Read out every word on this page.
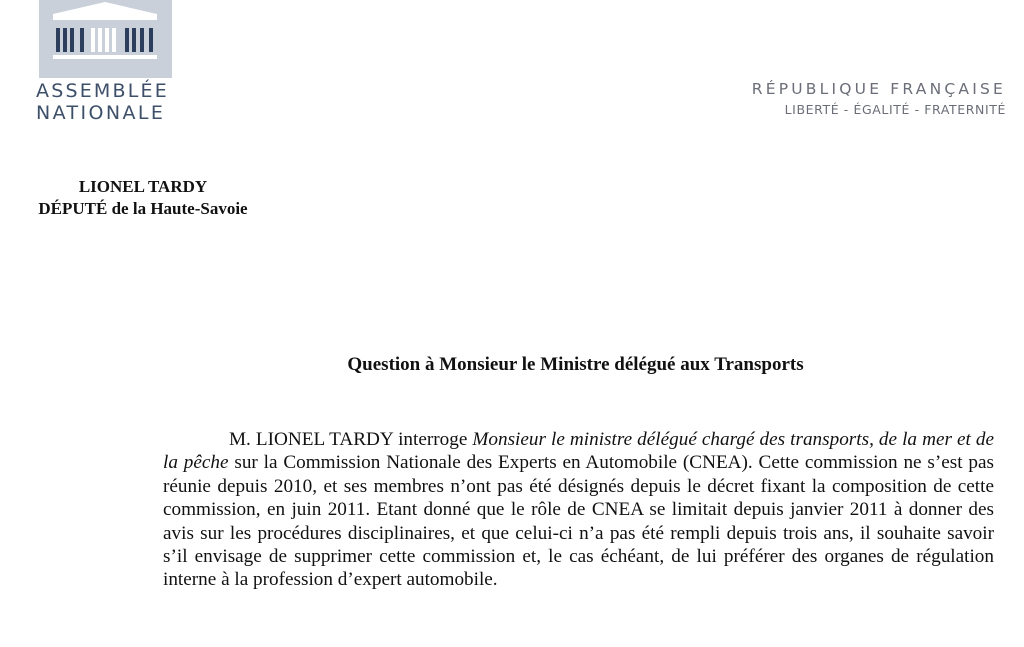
ASSEMBLÉE
NATIONALE
RÉPUBLIQUE FRANÇAISE
LIBERTÉ - ÉGALITÉ - FRATERNITÉ
LIONEL TARDY
DÉPUTÉ de la Haute-Savoie
Question à Monsieur le Ministre délégué aux Transports

M. LIONEL TARDY interroge Monsieur le ministre délégué chargé des transports, de la mer et de la pêche sur la Commission Nationale des Experts en Automobile (CNEA). Cette commission ne s’est pas réunie depuis 2010, et ses membres n’ont pas été désignés depuis le décret fixant la composition de cette commission, en juin 2011. Etant donné que le rôle de CNEA se limitait depuis janvier 2011 à donner des avis sur les procédures disciplinaires, et que celui-ci n’a pas été rempli depuis trois ans, il souhaite savoir s’il envisage de supprimer cette commission et, le cas échéant, de lui préférer des organes de régulation interne à la profession d’expert automobile.
